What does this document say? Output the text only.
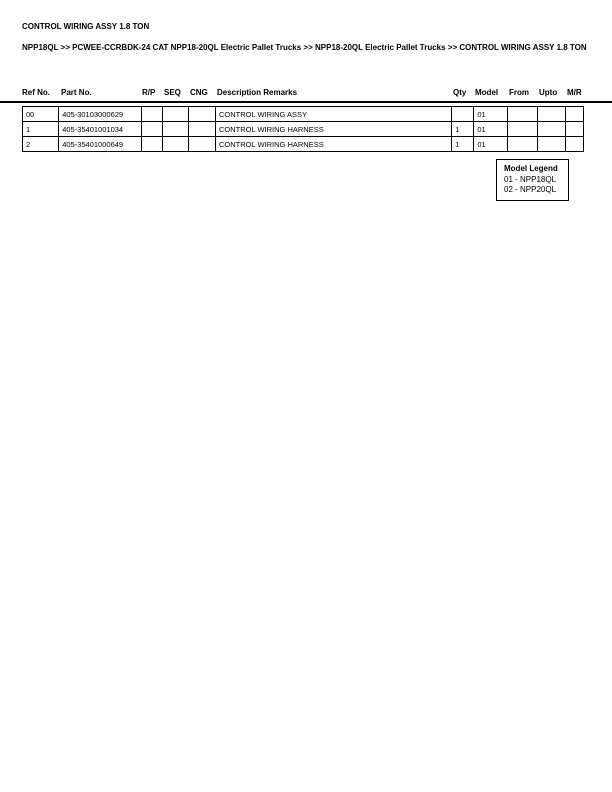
CONTROL WIRING ASSY 1.8 TON
NPP18QL >> PCWEE-CCRBDK-24 CAT NPP18-20QL Electric Pallet Trucks >> NPP18-20QL Electric Pallet Trucks >> CONTROL WIRING ASSY 1.8 TON
Ref No. Part No.	R/P SEQ CNG Description Remarks	Qty Model From Upto M/R
00	405-30103000629				CONTROL WIRING ASSY		01			
1	405-35401001034				CONTROL WIRING HARNESS	1	01			
2	405-35401000649				CONTROL WIRING HARNESS	1	01			
Model Legend
01 - NPP18QL
02 - NPP20QL
